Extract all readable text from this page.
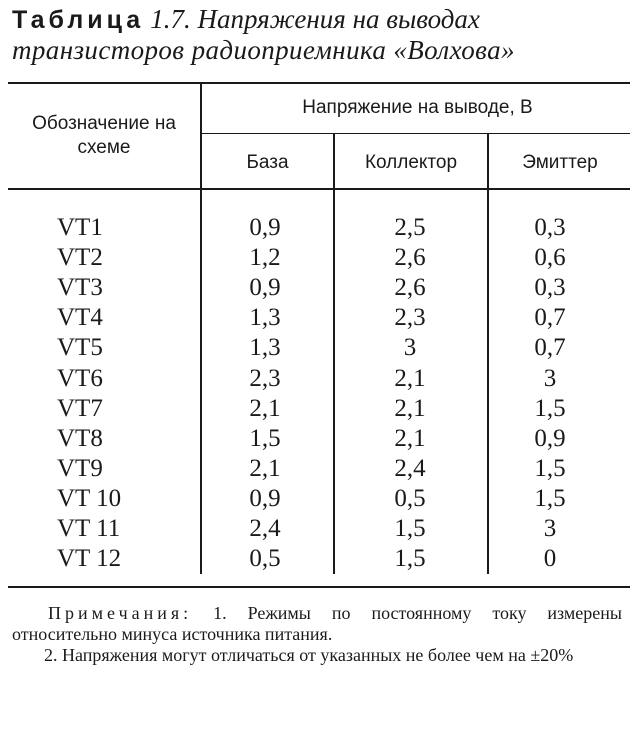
Таблица 1.7. Напряжения на выводах
транзисторов радиоприемника «Волхова»
Обозначение на схеме
Напряжение на выводе, В
База	Коллектор	Эмиттер
VT1	0,9	2,5	0,3
VT2	1,2	2,6	0,6
VT3	0,9	2,6	0,3
VT4	1,3	2,3	0,7
VT5	1,3	3	0,7
VT6	2,3	2,1	3
VT7	2,1	2,1	1,5
VT8	1,5	2,1	0,9
VT9	2,1	2,4	1,5
VT 10	0,9	0,5	1,5
VT 11	2,4	1,5	3
VT 12	0,5	1,5	0

Примечания: 1. Режимы по постоянному току измерены относительно минуса источника питания.

2. Напряжения могут отличаться от указанных не более чем на ±20%
